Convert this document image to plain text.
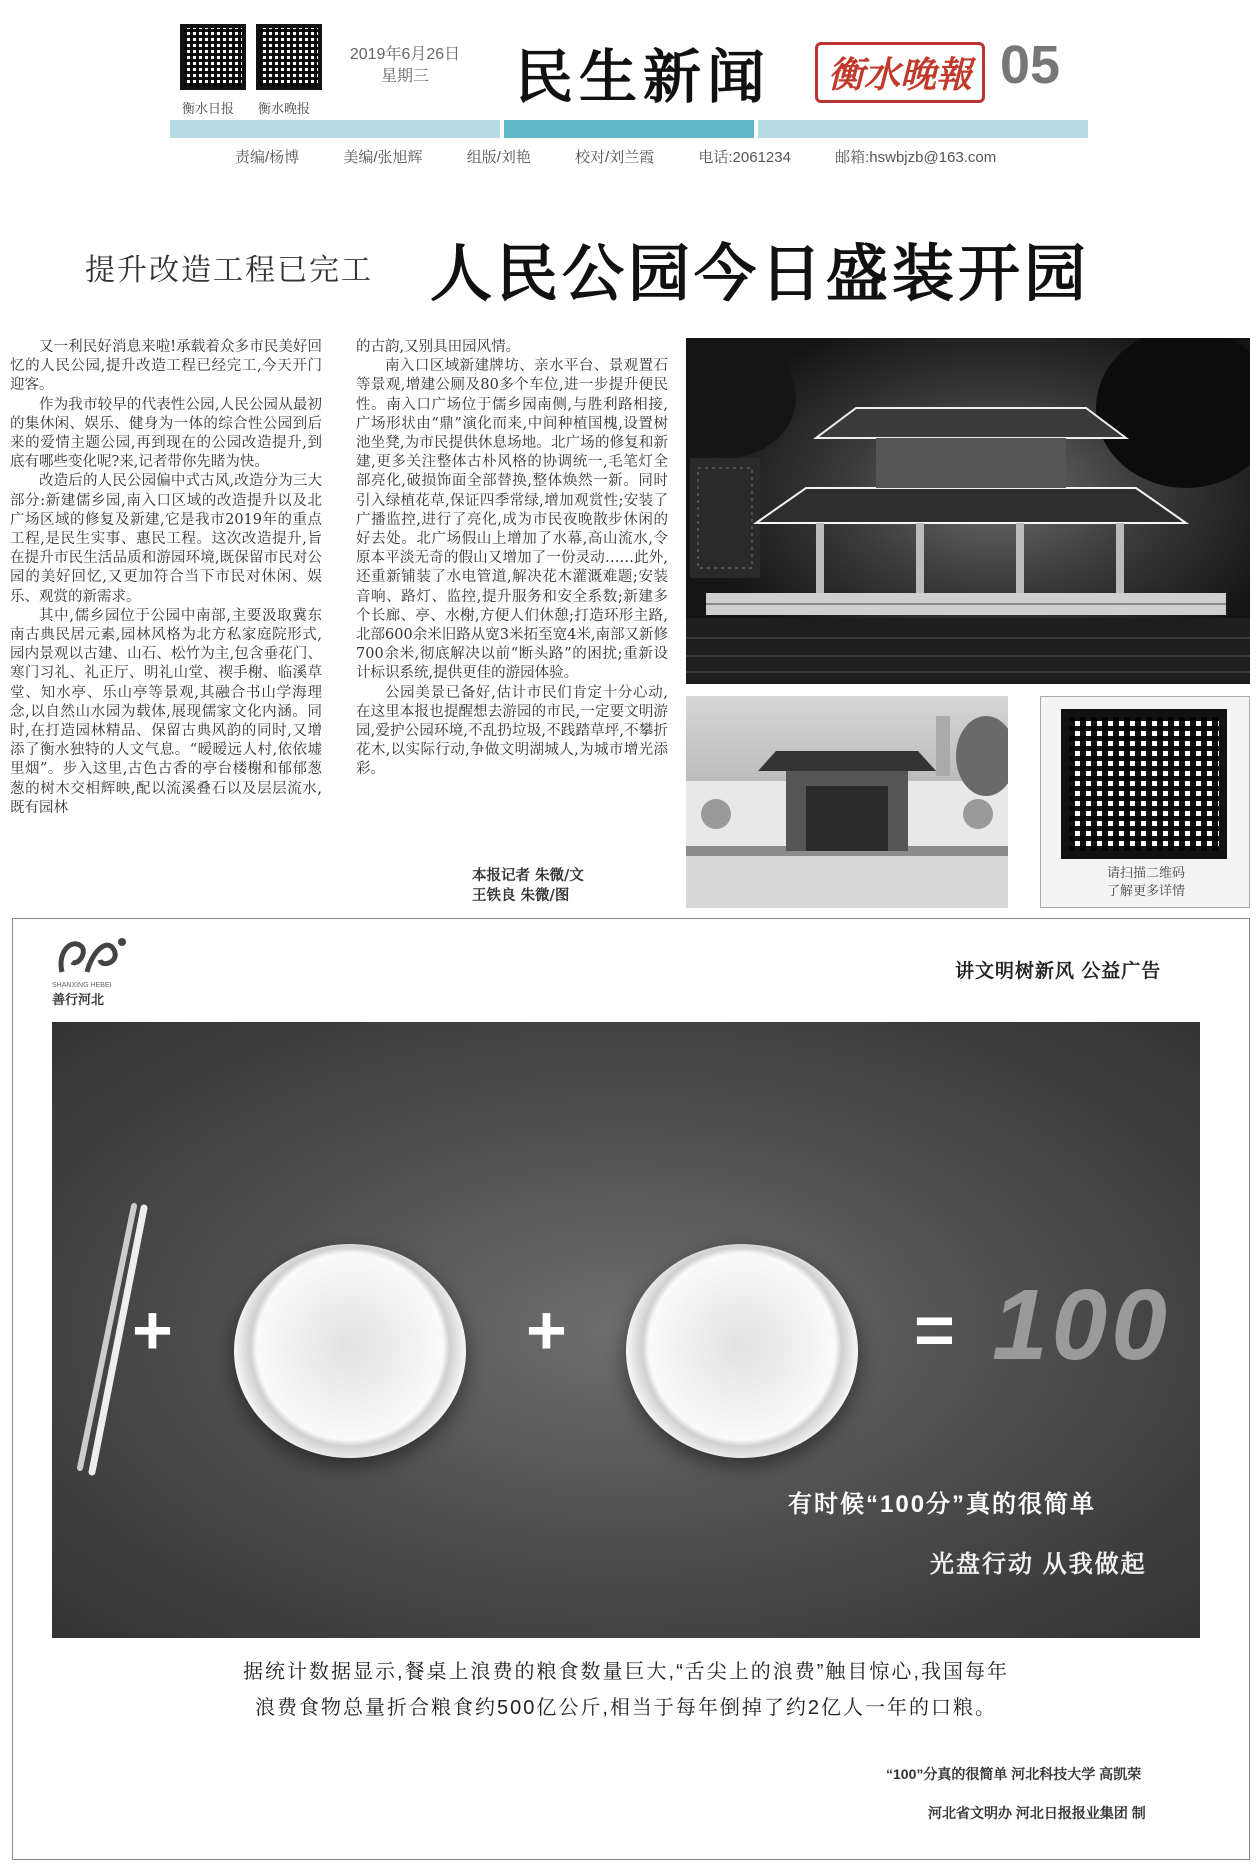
衡水日报 衡水晚报
2019年6月26日
星期三	民生新闻	衡水晚報 05
责编/杨博	美编/张旭辉	组版/刘艳	校对/刘兰霞	电话:2061234	邮箱:hswbjzb@163.com
提升改造工程已完工 人民公园今日盛装开园

又一利民好消息来啦!承载着众多市民美好回忆的人民公园,提升改造工程已经完工,今天开门迎客。

作为我市较早的代表性公园,人民公园从最初的集休闲、娱乐、健身为一体的综合性公园到后来的爱情主题公园,再到现在的公园改造提升,到底有哪些变化呢?来,记者带你先睹为快。

改造后的人民公园偏中式古风,改造分为三大部分:新建儒乡园,南入口区域的改造提升以及北广场区域的修复及新建,它是我市2019年的重点工程,是民生实事、惠民工程。这次改造提升,旨在提升市民生活品质和游园环境,既保留市民对公园的美好回忆,又更加符合当下市民对休闲、娱乐、观赏的新需求。

其中,儒乡园位于公园中南部,主要汲取冀东南古典民居元素,园林风格为北方私家庭院形式,园内景观以古建、山石、松竹为主,包含垂花门、寒门习礼、礼正厅、明礼山堂、禊手榭、临溪草堂、知水亭、乐山亭等景观,其融合书山学海理念,以自然山水园为载体,展现儒家文化内涵。同时,在打造园林精品、保留古典风韵的同时,又增添了衡水独特的人文气息。“暧暧远人村,依依墟里烟”。步入这里,古色古香的亭台楼榭和郁郁葱葱的树木交相辉映,配以流溪叠石以及层层流水,既有园林

的古韵,又别具田园风情。

南入口区域新建牌坊、亲水平台、景观置石等景观,增建公厕及80多个车位,进一步提升便民性。南入口广场位于儒乡园南侧,与胜利路相接,广场形状由“鼎”演化而来,中间种植国槐,设置树池坐凳,为市民提供休息场地。北广场的修复和新建,更多关注整体古朴风格的协调统一,毛笔灯全部亮化,破损饰面全部替换,整体焕然一新。同时引入绿植花草,保证四季常绿,增加观赏性;安装了广播监控,进行了亮化,成为市民夜晚散步休闲的好去处。北广场假山上增加了水幕,高山流水,令原本平淡无奇的假山又增加了一份灵动……此外,还重新铺装了水电管道,解决花木灌溉难题;安装音响、路灯、监控,提升服务和安全系数;新建多个长廊、亭、水榭,方便人们休憩;打造环形主路,北部600余米旧路从宽3米拓至宽4米,南部又新修700余米,彻底解决以前“断头路”的困扰;重新设计标识系统,提供更佳的游园体验。

公园美景已备好,估计市民们肯定十分心动,在这里本报也提醒想去游园的市民,一定要文明游园,爱护公园环境,不乱扔垃圾,不践踏草坪,不攀折花木,以实际行动,争做文明湖城人,为城市增光添彩。

本报记者 朱微/文
王铁良 朱微/图
请扫描二维码
了解更多详情
SHANXING HEBEI
善行河北
讲文明树新风 公益广告
+	+	= 100
有时候“100分”真的很简单
光盘行动 从我做起
据统计数据显示,餐桌上浪费的粮食数量巨大,“舌尖上的浪费”触目惊心,我国每年
浪费食物总量折合粮食约500亿公斤,相当于每年倒掉了约2亿人一年的口粮。
“100”分真的很简单 河北科技大学 高凯荣
河北省文明办 河北日报报业集团 制
